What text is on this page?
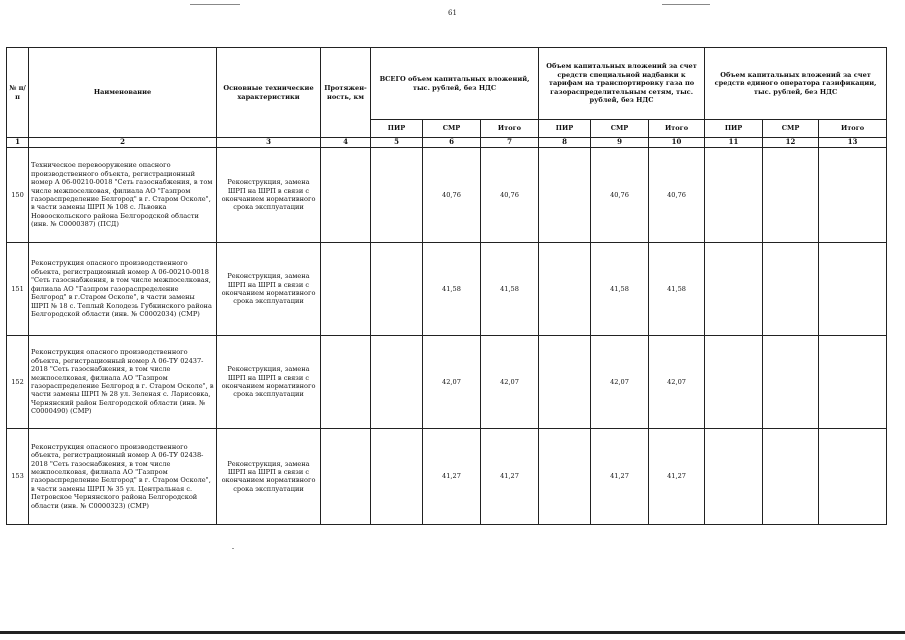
61
№ п/п	Наименование	Основные технические характеристики	Протяжен-ность, км	ВСЕГО объем капитальных вложений, тыс. рублей, без НДС			Объем капитальных вложений за счет средств специальной надбавки к тарифам на транспортировку газа по газораспределительным сетям, тыс. рублей, без НДС			Объем капитальных вложений за счет средств единого оператора газификации, тыс. рублей, без НДС		
				ПИР	СМР	Итого	ПИР	СМР	Итого	ПИР	СМР	Итого
1	2	3	4	5	6	7	8	9	10	11	12	13
150	Техническое перевооружение опасного производственного объекта, регистрационный номер А 06-00210-0018 "Сеть газоснабжения, в том числе межпоселковая, филиала АО "Газпром газораспределение Белгород" в г. Старом Осколе", в части замены ШРП № 108 с. Львовка Новооскольского района Белгородской области (инв. № С0000387) (ПСД)	Реконструкция, замена ШРП на ШРП в связи с окончанием нормативного срока эксплуатации			40,76	40,76		40,76	40,76			
151	Реконструкция опасного производственного объекта, регистрационный номер А 06-00210-0018 "Сеть газоснабжения, в том числе межпоселковая, филиала АО "Газпром газораспределение Белгород" в г.Старом Осколе", в части замены ШРП № 18 с. Теплый Колодезь Губкинского района Белгородской области (инв. № С0002034) (СМР)	Реконструкция, замена ШРП на ШРП в связи с окончанием нормативного срока эксплуатации			41,58	41,58		41,58	41,58			
152	Реконструкция опасного производственного объекта, регистрационный номер А 06-ТУ 02437-2018 "Сеть газоснабжения, в том числе межпоселковая, филиала АО "Газпром газораспределение Белгород в г. Старом Осколе", в части замены ШРП № 28 ул. Зеленая с. Ларисовка, Чернянский район Белгородской области (инв. № С0000490) (СМР)	Реконструкция, замена ШРП на ШРП в связи с окончанием нормативного срока эксплуатации			42,07	42,07		42,07	42,07			
153	Реконструкция опасного производственного объекта, регистрационный номер А 06-ТУ 02438-2018 "Сеть газоснабжения, в том числе межпоселковая, филиала АО "Газпром газораспределение Белгород" в г. Старом Осколе", в части замены ШРП № 35 ул. Центральная с. Петровское Чернянского района Белгородской области (инв. № С0000323) (СМР)	Реконструкция, замена ШРП на ШРП в связи с окончанием нормативного срока эксплуатации			41,27	41,27		41,27	41,27			
